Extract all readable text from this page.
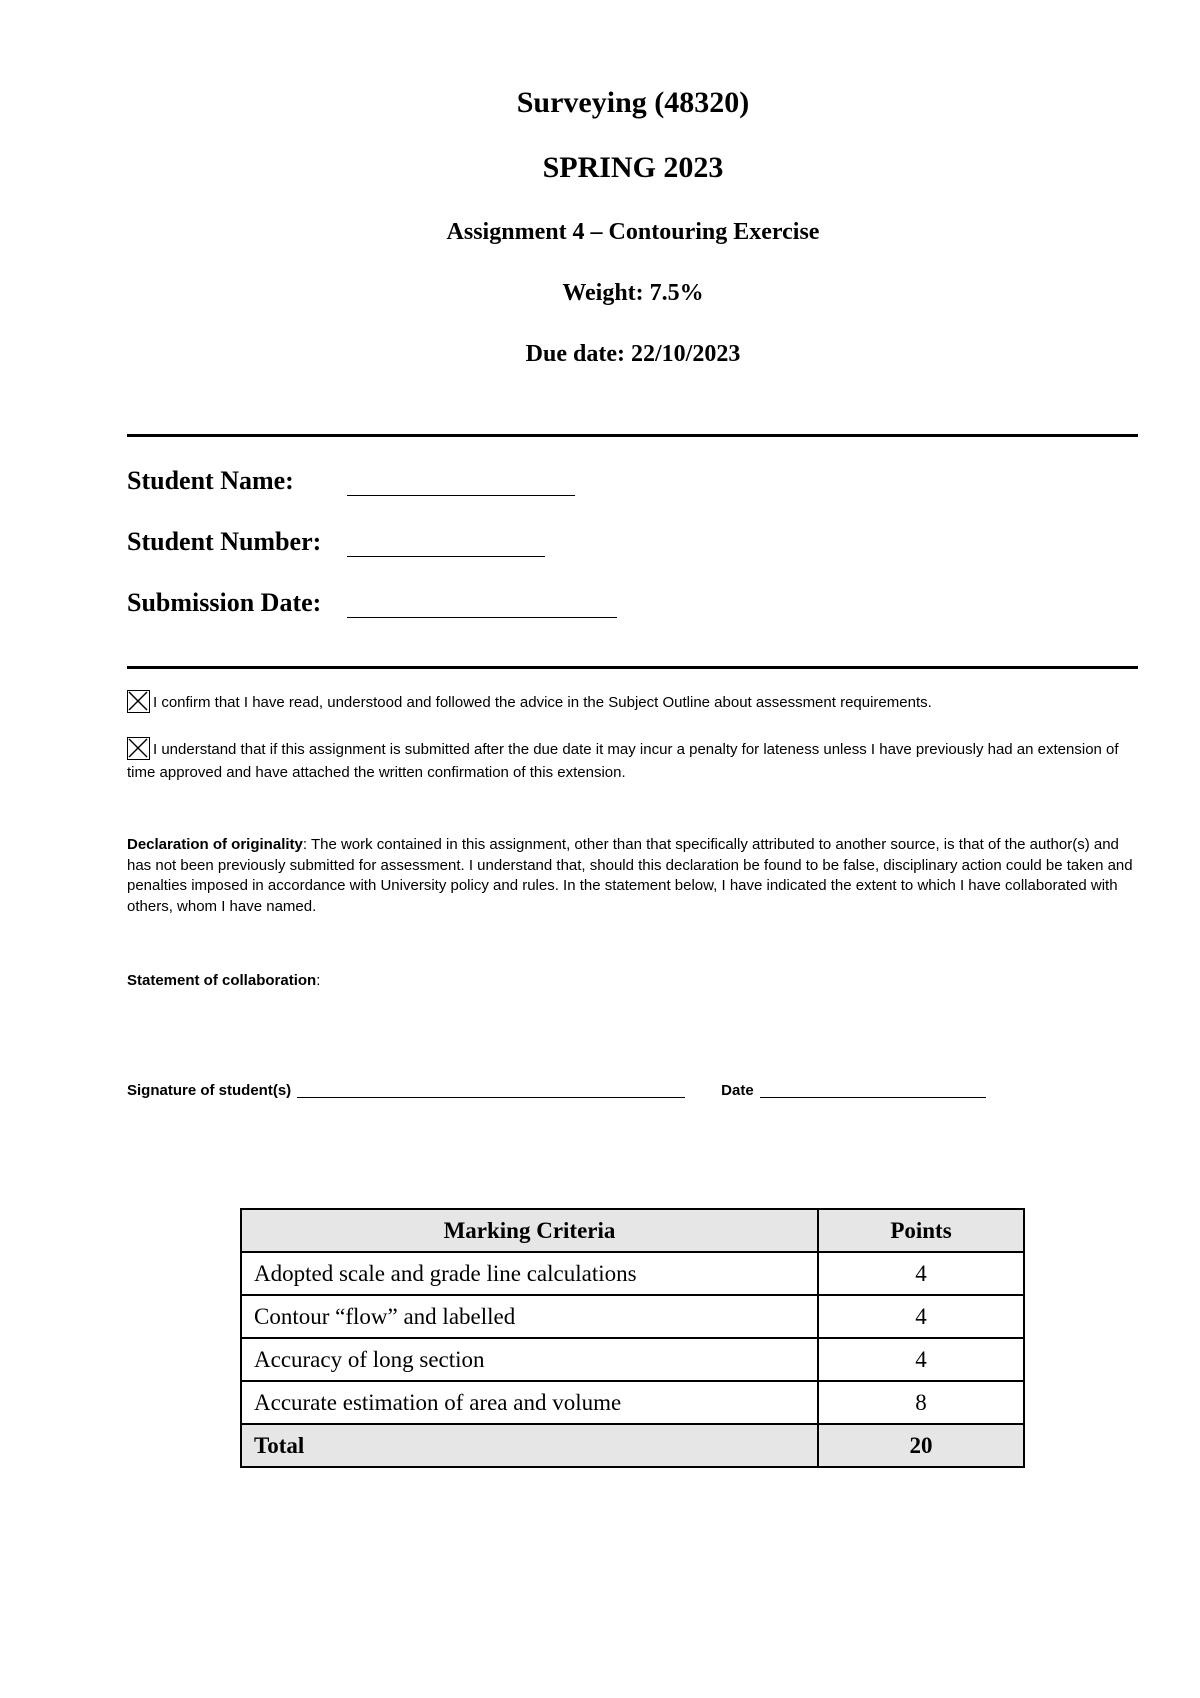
Surveying (48320)
SPRING 2023
Assignment 4 – Contouring Exercise
Weight: 7.5%
Due date: 22/10/2023
Student Name:
Student Number:
Submission Date:
I confirm that I have read, understood and followed the advice in the Subject Outline about assessment requirements.
I understand that if this assignment is submitted after the due date it may incur a penalty for lateness unless I have previously had an extension of time approved and have attached the written confirmation of this extension.
Declaration of originality: The work contained in this assignment, other than that specifically attributed to another source, is that of the author(s) and has not been previously submitted for assessment. I understand that, should this declaration be found to be false, disciplinary action could be taken and penalties imposed in accordance with University policy and rules. In the statement below, I have indicated the extent to which I have collaborated with others, whom I have named.
Statement of collaboration:
Signature of student(s)	Date
Marking Criteria	Points
Adopted scale and grade line calculations	4
Contour “flow” and labelled	4
Accuracy of long section	4
Accurate estimation of area and volume	8
Total	20
